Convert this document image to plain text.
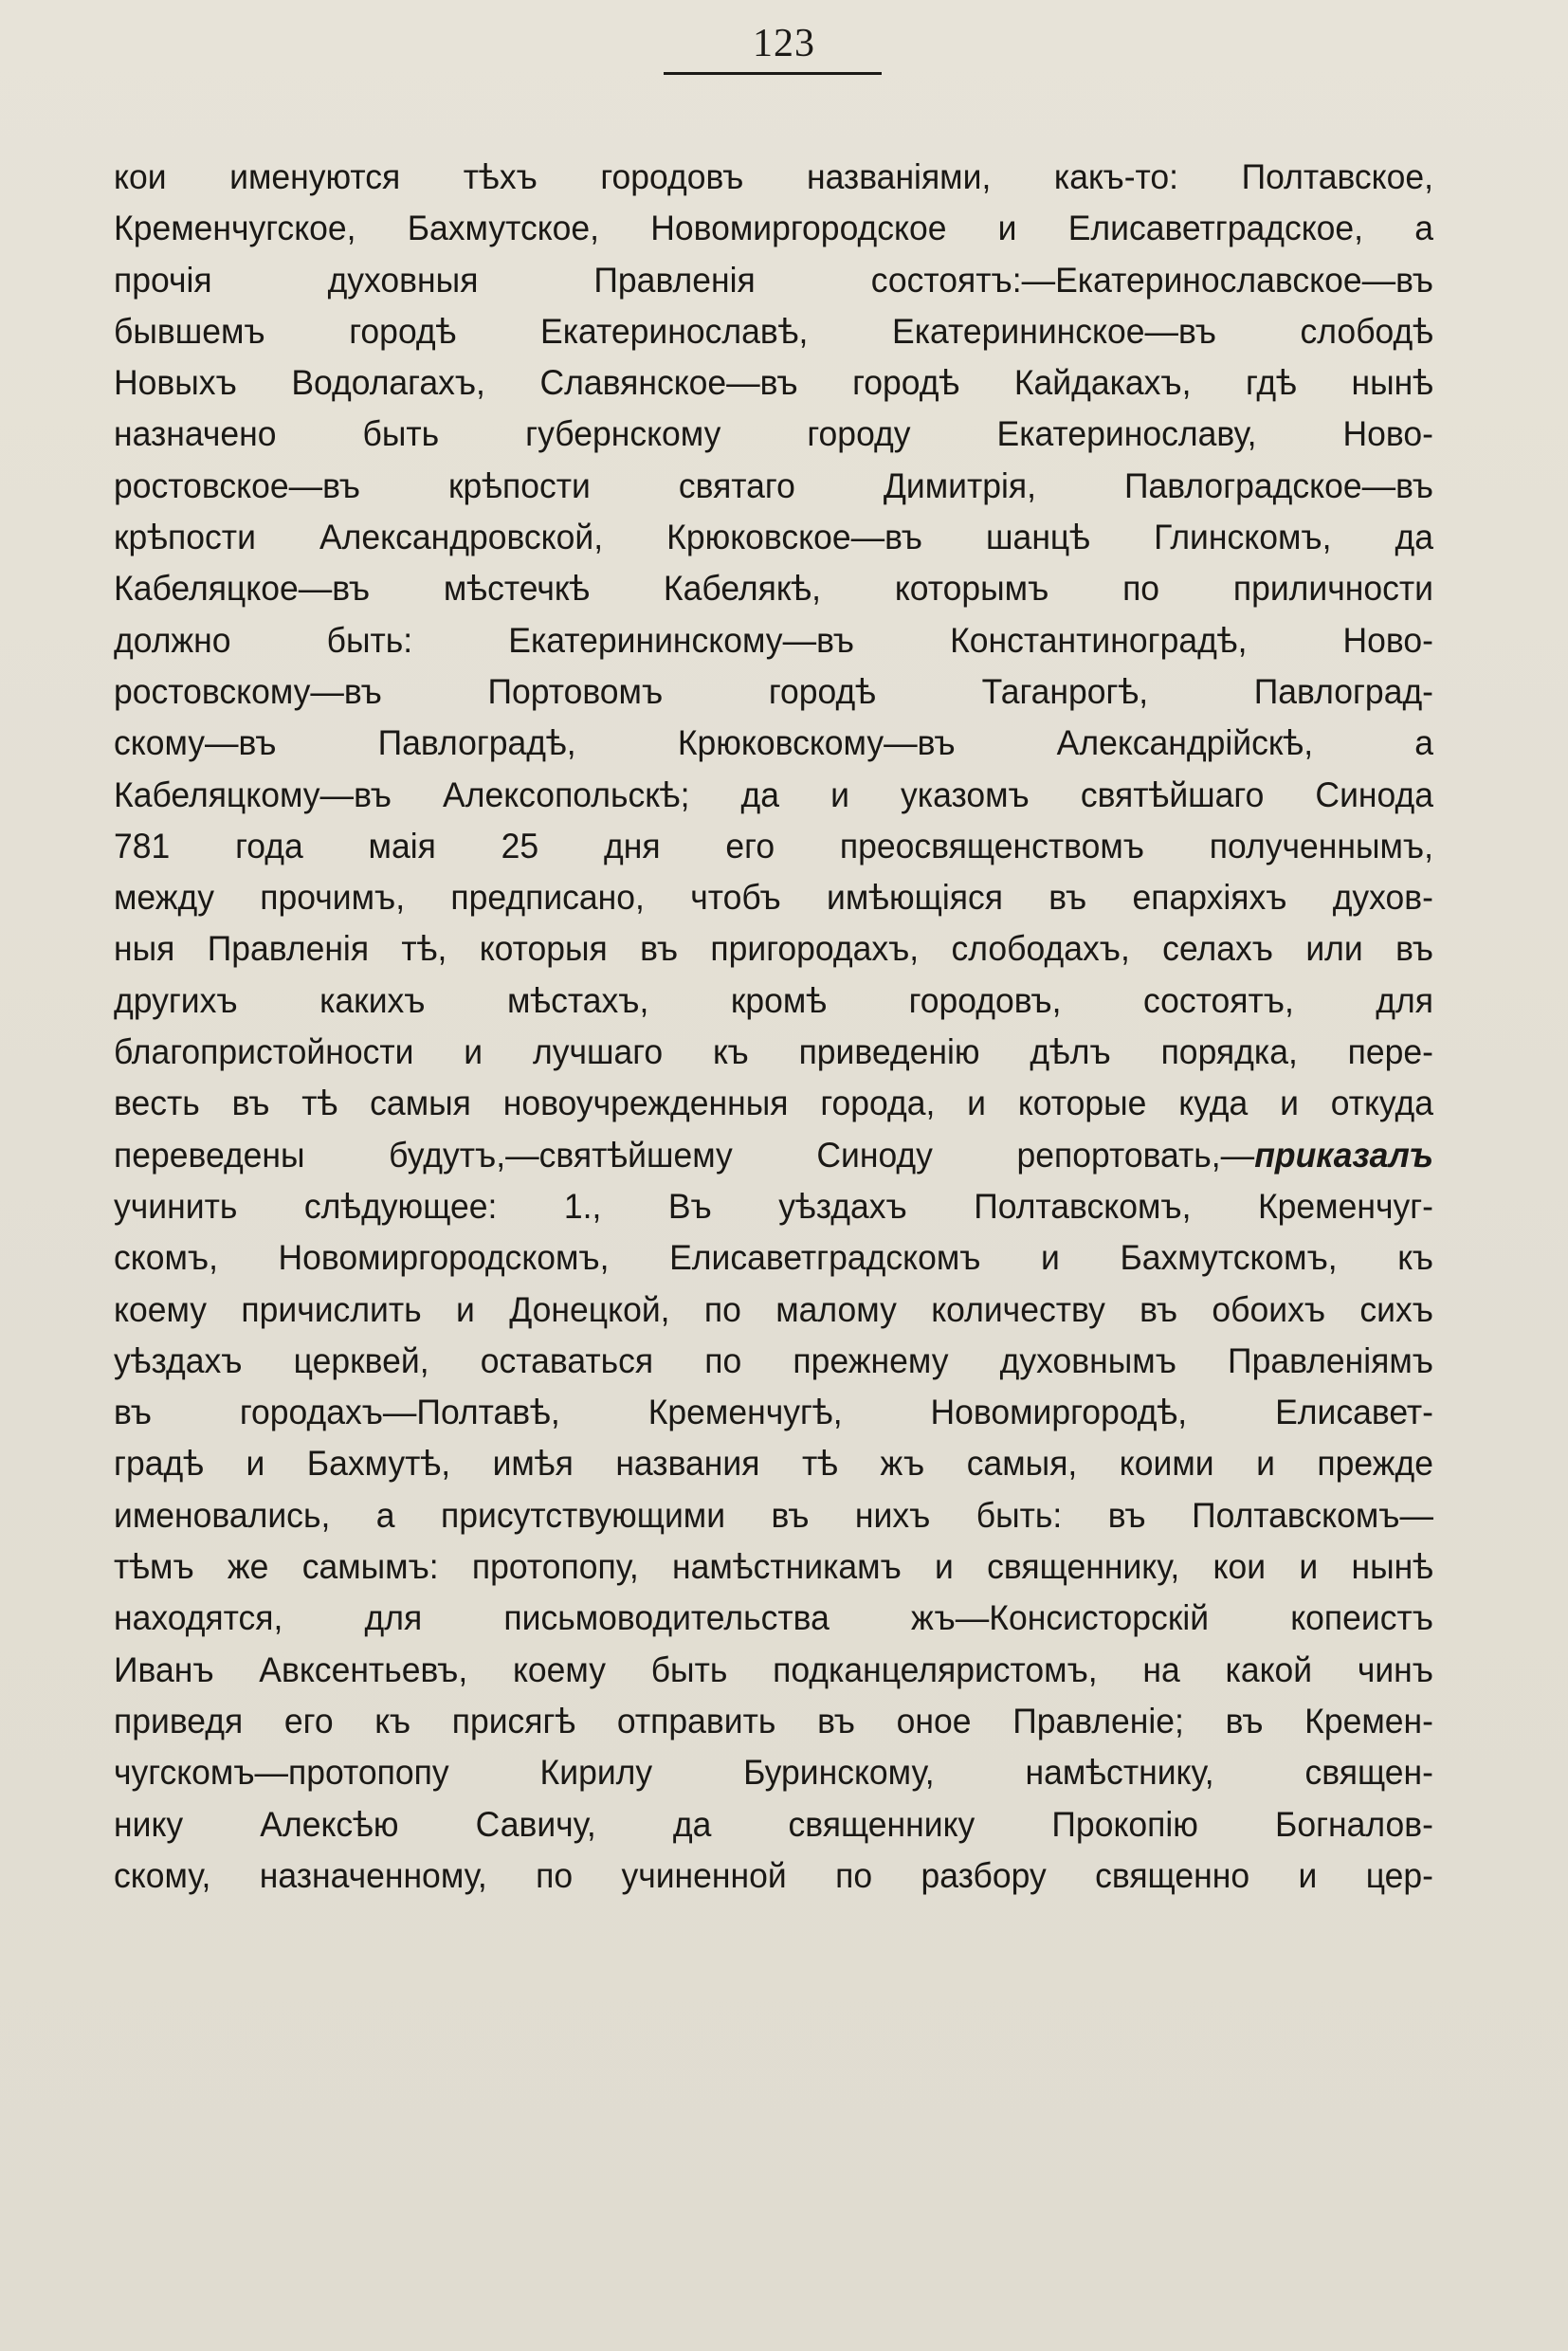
123
кои именуются тѣхъ городовъ названіями, какъ-то: Полтавское,
Кременчугское, Бахмутское, Новомиргородское и Елисаветградское, а
прочія духовныя Правленія состоятъ:—Екатеринославское—въ
бывшемъ городѣ Екатеринославѣ, Екатерининское—въ слободѣ
Новыхъ Водолагахъ, Славянское—въ городѣ Кайдакахъ, гдѣ нынѣ
назначено быть губернскому городу Екатеринославу, Ново-
ростовское—въ крѣпости святаго Димитрія, Павлоградское—въ
крѣпости Александровской, Крюковское—въ шанцѣ Глинскомъ, да
Кабеляцкое—въ мѣстечкѣ Кабелякѣ, которымъ по приличности
должно быть: Екатерининскому—въ Константиноградѣ, Ново-
ростовскому—въ Портовомъ городѣ Таганрогѣ, Павлоград-
скому—въ Павлоградѣ, Крюковскому—въ Александрійскѣ, а
Кабеляцкому—въ Алексопольскѣ; да и указомъ святѣйшаго Синода
781 года маія 25 дня его преосвященствомъ полученнымъ,
между прочимъ, предписано, чтобъ имѣющіяся въ епархіяхъ духов-
ныя Правленія тѣ, которыя въ пригородахъ, слободахъ, селахъ или въ
другихъ какихъ мѣстахъ, кромѣ городовъ, состоятъ, для
благопристойности и лучшаго къ приведенію дѣлъ порядка, пере-
весть въ тѣ самыя новоучрежденныя города, и которые куда и откуда
переведены будутъ,—святѣйшему Синоду репортовать,—приказалъ
учинить слѣдующее: 1., Въ уѣздахъ Полтавскомъ, Кременчуг-
скомъ, Новомиргородскомъ, Елисаветградскомъ и Бахмутскомъ, къ
коему причислить и Донецкой, по малому количеству въ обоихъ сихъ
уѣздахъ церквей, оставаться по прежнему духовнымъ Правленіямъ
въ городахъ—Полтавѣ, Кременчугѣ, Новомиргородѣ, Елисавет-
градѣ и Бахмутѣ, имѣя названия тѣ жъ самыя, коими и прежде
именовались, а присутствующими въ нихъ быть: въ Полтавскомъ—
тѣмъ же самымъ: протопопу, намѣстникамъ и священнику, кои и нынѣ
находятся, для письмоводительства жъ—Консисторскій копеистъ
Иванъ Авксентьевъ, коему быть подканцеляристомъ, на какой чинъ
приведя его къ присягѣ отправить въ оное Правленіе; въ Кремен-
чугскомъ—протопопу Кирилу Буринскому, намѣстнику, священ-
нику Алексѣю Савичу, да священнику Прокопію Богналов-
скому, назначенному, по учиненной по разбору священно и цер-
